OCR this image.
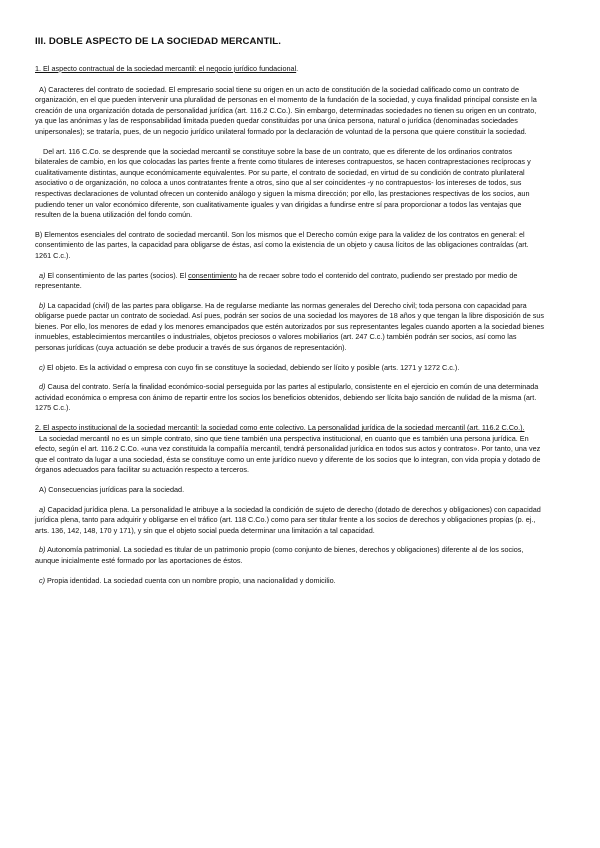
III. DOBLE ASPECTO DE LA SOCIEDAD MERCANTIL.

1. El aspecto contractual de la sociedad mercantil: el negocio jurídico fundacional.

A) Caracteres del contrato de sociedad. El empresario social tiene su origen en un acto de constitución de la sociedad calificado como un contrato de organización, en el que pueden intervenir una pluralidad de personas en el momento de la fundación de la sociedad, y cuya finalidad principal consiste en la creación de una organización dotada de personalidad jurídica (art. 116.2 C.Co.). Sin embargo, determinadas sociedades no tienen su origen en un contrato, ya que las anónimas y las de responsabilidad limitada pueden quedar constituidas por una única persona, natural o jurídica (denominadas sociedades unipersonales); se trataría, pues, de un negocio jurídico unilateral formado por la declaración de voluntad de la persona que quiere constituir la sociedad.

Del art. 116 C.Co. se desprende que la sociedad mercantil se constituye sobre la base de un contrato, que es diferente de los ordinarios contratos bilaterales de cambio, en los que colocadas las partes frente a frente como titulares de intereses contrapuestos, se hacen contraprestaciones recíprocas y cualitativamente distintas, aunque económicamente equivalentes. Por su parte, el contrato de sociedad, en virtud de su condición de contrato plurilateral asociativo o de organización, no coloca a unos contratantes frente a otros, sino que al ser coincidentes -y no contrapuestos- los intereses de todos, sus respectivas declaraciones de voluntad ofrecen un contenido análogo y siguen la misma dirección; por ello, las prestaciones respectivas de los socios, aun pudiendo tener un valor económico diferente, son cualitativamente iguales y van dirigidas a fundirse entre sí para proporcionar a todos las ventajas que resulten de la buena utilización del fondo común.

B) Elementos esenciales del contrato de sociedad mercantil. Son los mismos que el Derecho común exige para la validez de los contratos en general: el consentimiento de las partes, la capacidad para obligarse de éstas, así como la existencia de un objeto y causa lícitos de las obligaciones contraídas (art. 1261 C.c.).

a) El consentimiento de las partes (socios). El consentimiento ha de recaer sobre todo el contenido del contrato, pudiendo ser prestado por medio de representante.

b) La capacidad (civil) de las partes para obligarse. Ha de regularse mediante las normas generales del Derecho civil; toda persona con capacidad para obligarse puede pactar un contrato de sociedad. Así pues, podrán ser socios de una sociedad los mayores de 18 años y que tengan la libre disposición de sus bienes. Por ello, los menores de edad y los menores emancipados que estén autorizados por sus representantes legales cuando aporten a la sociedad bienes inmuebles, establecimientos mercantiles o industriales, objetos preciosos o valores mobiliarios (art. 247 C.c.) también podrán ser socios, así como las personas jurídicas (cuya actuación se debe producir a través de sus órganos de representación).

c) El objeto. Es la actividad o empresa con cuyo fin se constituye la sociedad, debiendo ser lícito y posible (arts. 1271 y 1272 C.c.).

d) Causa del contrato. Sería la finalidad económico-social perseguida por las partes al estipularlo, consistente en el ejercicio en común de una determinada actividad económica o empresa con ánimo de repartir entre los socios los beneficios obtenidos, debiendo ser lícita bajo sanción de nulidad de la misma (art. 1275 C.c.).

2. El aspecto institucional de la sociedad mercantil: la sociedad como ente colectivo. La personalidad jurídica de la sociedad mercantil (art. 116.2 C.Co.).

La sociedad mercantil no es un simple contrato, sino que tiene también una perspectiva institucional, en cuanto que es también una persona jurídica. En efecto, según el art. 116.2 C.Co. «una vez constituida la compañía mercantil, tendrá personalidad jurídica en todos sus actos y contratos». Por tanto, una vez que el contrato da lugar a una sociedad, ésta se constituye como un ente jurídico nuevo y diferente de los socios que lo integran, con vida propia y dotado de órganos adecuados para facilitar su actuación respecto a terceros.

A) Consecuencias jurídicas para la sociedad.

a) Capacidad jurídica plena. La personalidad le atribuye a la sociedad la condición de sujeto de derecho (dotado de derechos y obligaciones) con capacidad jurídica plena, tanto para adquirir y obligarse en el tráfico (art. 118 C.Co.) como para ser titular frente a los socios de derechos y obligaciones propias (p. ej., arts. 136, 142, 148, 170 y 171), y sin que el objeto social pueda determinar una limitación a tal capacidad.

b) Autonomía patrimonial. La sociedad es titular de un patrimonio propio (como conjunto de bienes, derechos y obligaciones) diferente al de los socios, aunque inicialmente esté formado por las aportaciones de éstos.

c) Propia identidad. La sociedad cuenta con un nombre propio, una nacionalidad y domicilio.
